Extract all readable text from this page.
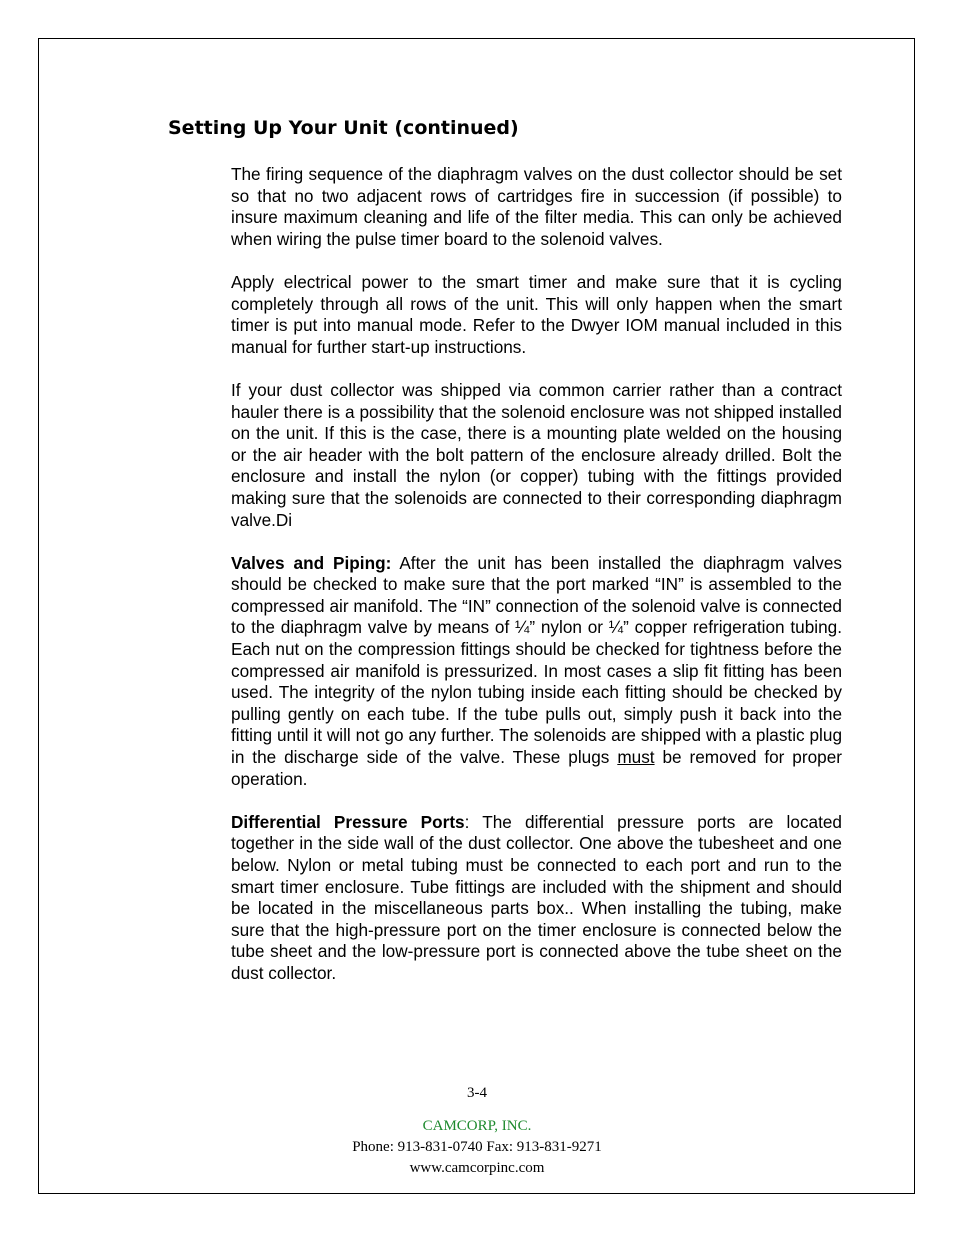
Setting Up Your Unit (continued)

The firing sequence of the diaphragm valves on the dust collector should be set so that no two adjacent rows of cartridges fire in succession (if possible) to insure maximum cleaning and life of the filter media. This can only be achieved when wiring the pulse timer board to the solenoid valves.

Apply electrical power to the smart timer and make sure that it is cycling completely through all rows of the unit. This will only happen when the smart timer is put into manual mode. Refer to the Dwyer IOM manual included in this manual for further start-up instructions.

If your dust collector was shipped via common carrier rather than a contract hauler there is a possibility that the solenoid enclosure was not shipped installed on the unit. If this is the case, there is a mounting plate welded on the housing or the air header with the bolt pattern of the enclosure already drilled. Bolt the enclosure and install the nylon (or copper) tubing with the fittings provided making sure that the solenoids are connected to their corresponding diaphragm valve.Di

Valves and Piping: After the unit has been installed the diaphragm valves should be checked to make sure that the port marked “IN” is assembled to the compressed air manifold. The “IN” connection of the solenoid valve is connected to the diaphragm valve by means of ¼” nylon or ¼” copper refrigeration tubing. Each nut on the compression fittings should be checked for tightness before the compressed air manifold is pressurized. In most cases a slip fit fitting has been used. The integrity of the nylon tubing inside each fitting should be checked by pulling gently on each tube. If the tube pulls out, simply push it back into the fitting until it will not go any further. The solenoids are shipped with a plastic plug in the discharge side of the valve. These plugs must be removed for proper operation.

Differential Pressure Ports: The differential pressure ports are located together in the side wall of the dust collector. One above the tubesheet and one below. Nylon or metal tubing must be connected to each port and run to the smart timer enclosure. Tube fittings are included with the shipment and should be located in the miscellaneous parts box.. When installing the tubing, make sure that the high-pressure port on the timer enclosure is connected below the tube sheet and the low-pressure port is connected above the tube sheet on the dust collector.

3-4
CAMCORP, INC.
Phone: 913-831-0740 Fax: 913-831-9271
www.camcorpinc.com
